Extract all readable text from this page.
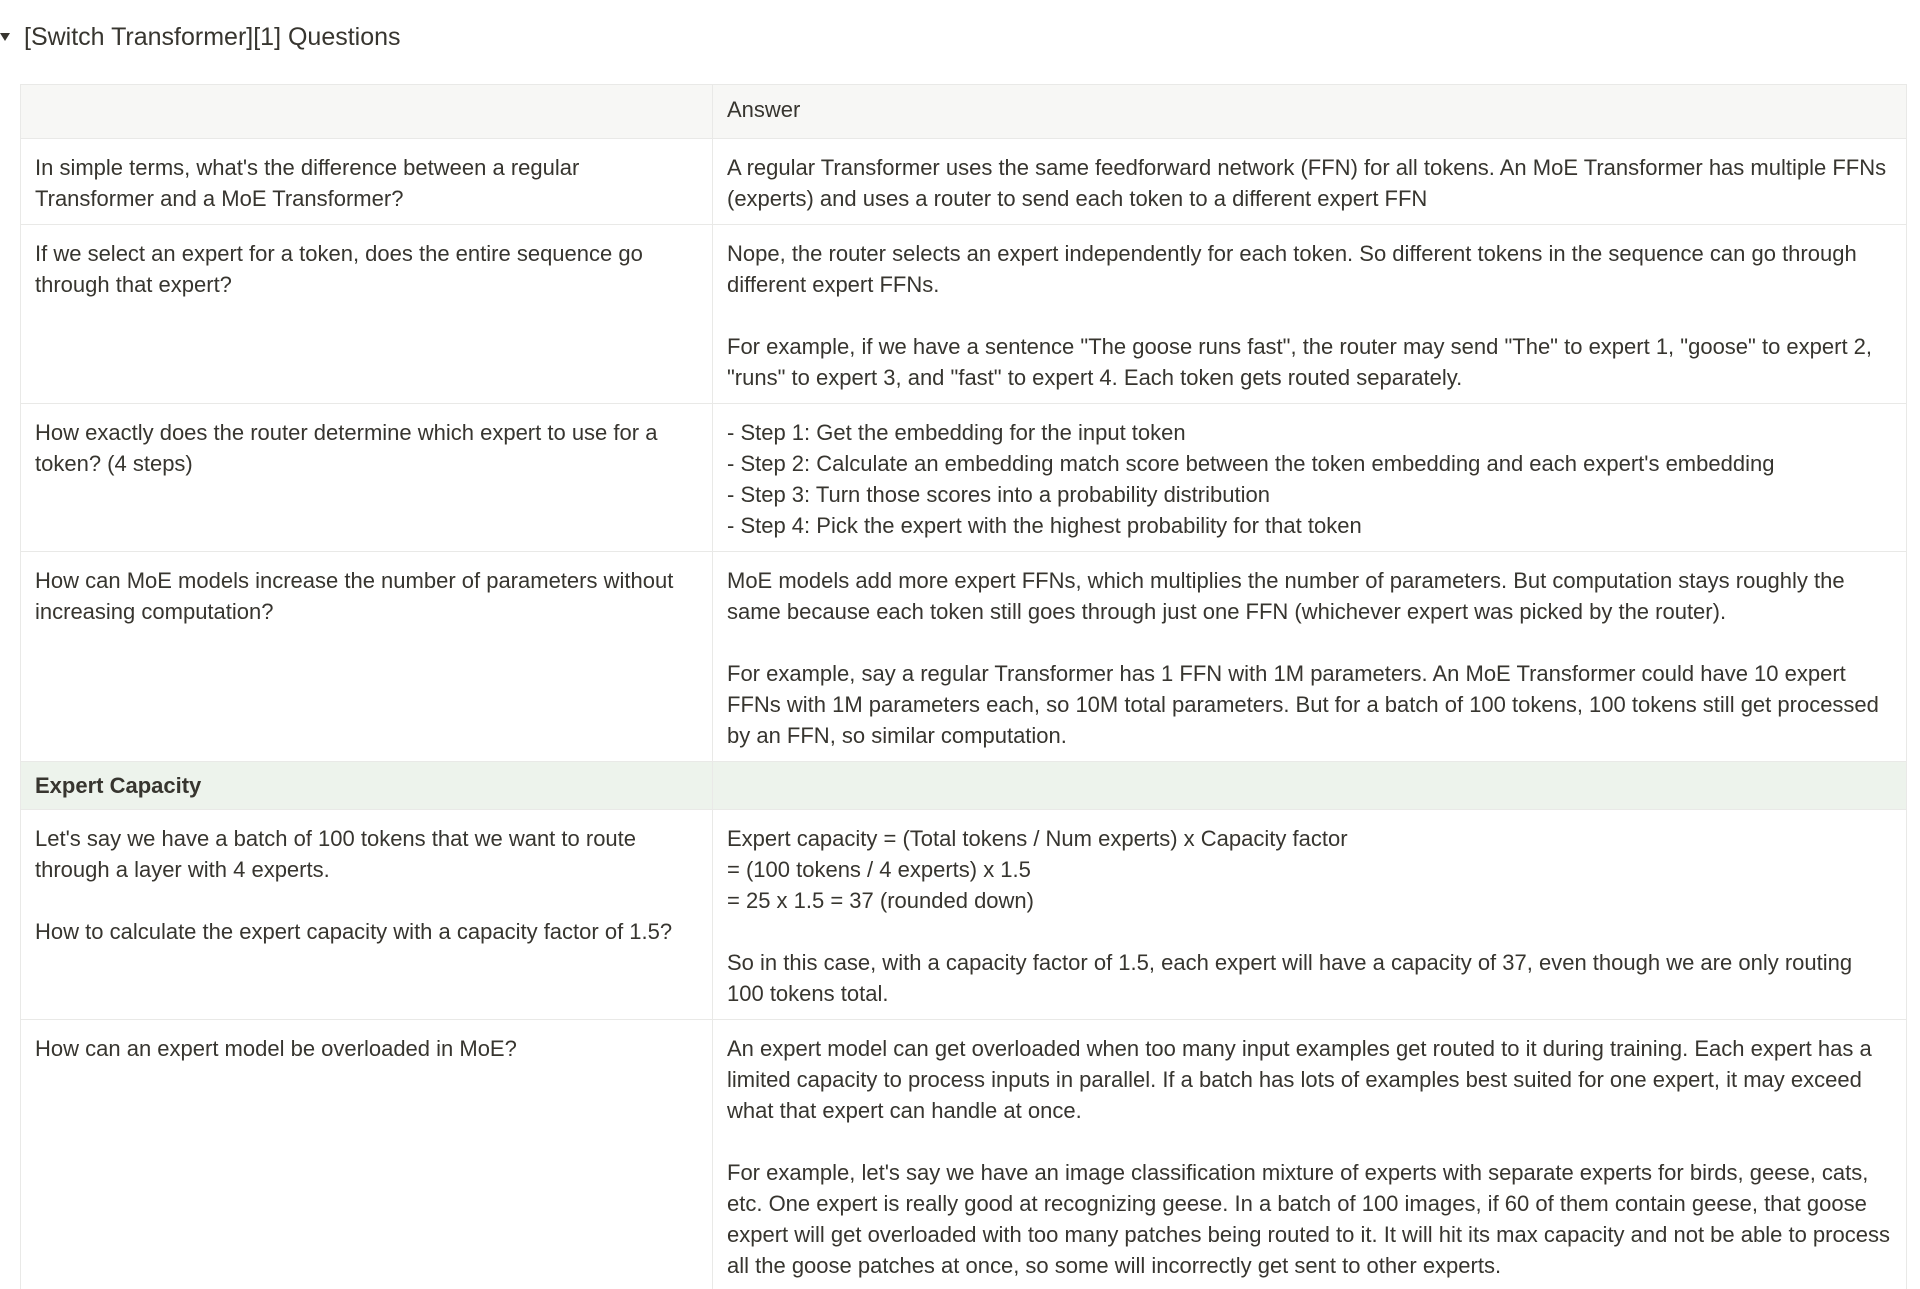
[Switch Transformer][1] Questions
	Answer
In simple terms, what's the difference between a regular Transformer and a MoE Transformer?	A regular Transformer uses the same feedforward network (FFN) for all tokens. An MoE Transformer has multiple FFNs (experts) and uses a router to send each token to a different expert FFN
If we select an expert for a token, does the entire sequence go through that expert?	Nope, the router selects an expert independently for each token. So different tokens in the sequence can go through different expert FFNs.

For example, if we have a sentence "The goose runs fast", the router may send "The" to expert 1, "goose" to expert 2, "runs" to expert 3, and "fast" to expert 4. Each token gets routed separately.
How exactly does the router determine which expert to use for a token? (4 steps)	- Step 1: Get the embedding for the input token
- Step 2: Calculate an embedding match score between the token embedding and each expert's embedding
- Step 3: Turn those scores into a probability distribution
- Step 4: Pick the expert with the highest probability for that token
How can MoE models increase the number of parameters without increasing computation?	MoE models add more expert FFNs, which multiplies the number of parameters. But computation stays roughly the same because each token still goes through just one FFN (whichever expert was picked by the router).

For example, say a regular Transformer has 1 FFN with 1M parameters. An MoE Transformer could have 10 expert FFNs with 1M parameters each, so 10M total parameters. But for a batch of 100 tokens, 100 tokens still get processed by an FFN, so similar computation.
Expert Capacity	
Let's say we have a batch of 100 tokens that we want to route through a layer with 4 experts.

How to calculate the expert capacity with a capacity factor of 1.5?	Expert capacity = (Total tokens / Num experts) x Capacity factor
= (100 tokens / 4 experts) x 1.5
= 25 x 1.5 = 37 (rounded down)

So in this case, with a capacity factor of 1.5, each expert will have a capacity of 37, even though we are only routing 100 tokens total.
How can an expert model be overloaded in MoE?	An expert model can get overloaded when too many input examples get routed to it during training. Each expert has a limited capacity to process inputs in parallel. If a batch has lots of examples best suited for one expert, it may exceed what that expert can handle at once.

For example, let's say we have an image classification mixture of experts with separate experts for birds, geese, cats, etc. One expert is really good at recognizing geese. In a batch of 100 images, if 60 of them contain geese, that goose expert will get overloaded with too many patches being routed to it. It will hit its max capacity and not be able to process all the goose patches at once, so some will incorrectly get sent to other experts.
